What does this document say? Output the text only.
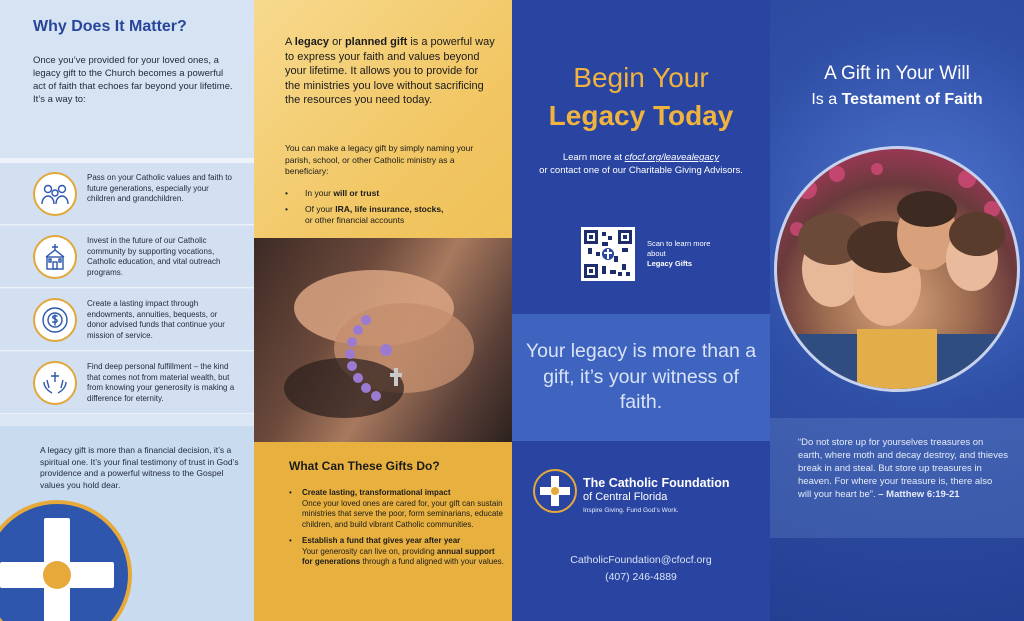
Why Does It Matter?

Once you’ve provided for your loved ones, a legacy gift to the Church becomes a powerful act of faith that echoes far beyond your lifetime. It’s a way to:

Pass on your Catholic values and faith to future generations, especially your children and grandchildren.

Invest in the future of our Catholic community by supporting vocations, Catholic education, and vital outreach programs.

Create a lasting impact through endowments, annuities, bequests, or donor advised funds that continue your mission of service.

Find deep personal fulfillment – the kind that comes not from material wealth, but from knowing your generosity is making a difference for eternity.

A legacy gift is more than a financial decision, it’s a spiritual one. It’s your final testimony of trust in God’s providence and a powerful witness to the Gospel values you hold dear.

A legacy or planned gift is a powerful way to express your faith and values beyond your lifetime. It allows you to provide for the ministries you love without sacrificing the resources you need today.

You can make a legacy gift by simply naming your parish, school, or other Catholic ministry as a beneficiary:

• In your will or trust
• Of your IRA, life insurance, stocks,
or other financial accounts
What Can These Gifts Do?
• Create lasting, transformational impact
Once your loved ones are cared for, your gift can sustain ministries that serve the poor, form seminarians, educate children, and build vibrant Catholic communities.
• Establish a fund that gives year after year
Your generosity can live on, providing annual support for generations through a fund aligned with your values.
Begin Your
Legacy Today

Learn more at cfocf.org/leavealegacy
or contact one of our Charitable Giving Advisors.

Scan to learn more about
Legacy Gifts

Your legacy is more than a gift, it’s your witness of faith.

The Catholic Foundation
of Central Florida
Inspire Giving. Fund God’s Work.
CatholicFoundation@cfocf.org
(407) 246-4889
A Gift in Your Will
Is a Testament of Faith

“Do not store up for yourselves treasures on earth, where moth and decay destroy, and thieves break in and steal. But store up treasures in heaven. For where your treasure is, there also will your heart be”. – Matthew 6:19-21
